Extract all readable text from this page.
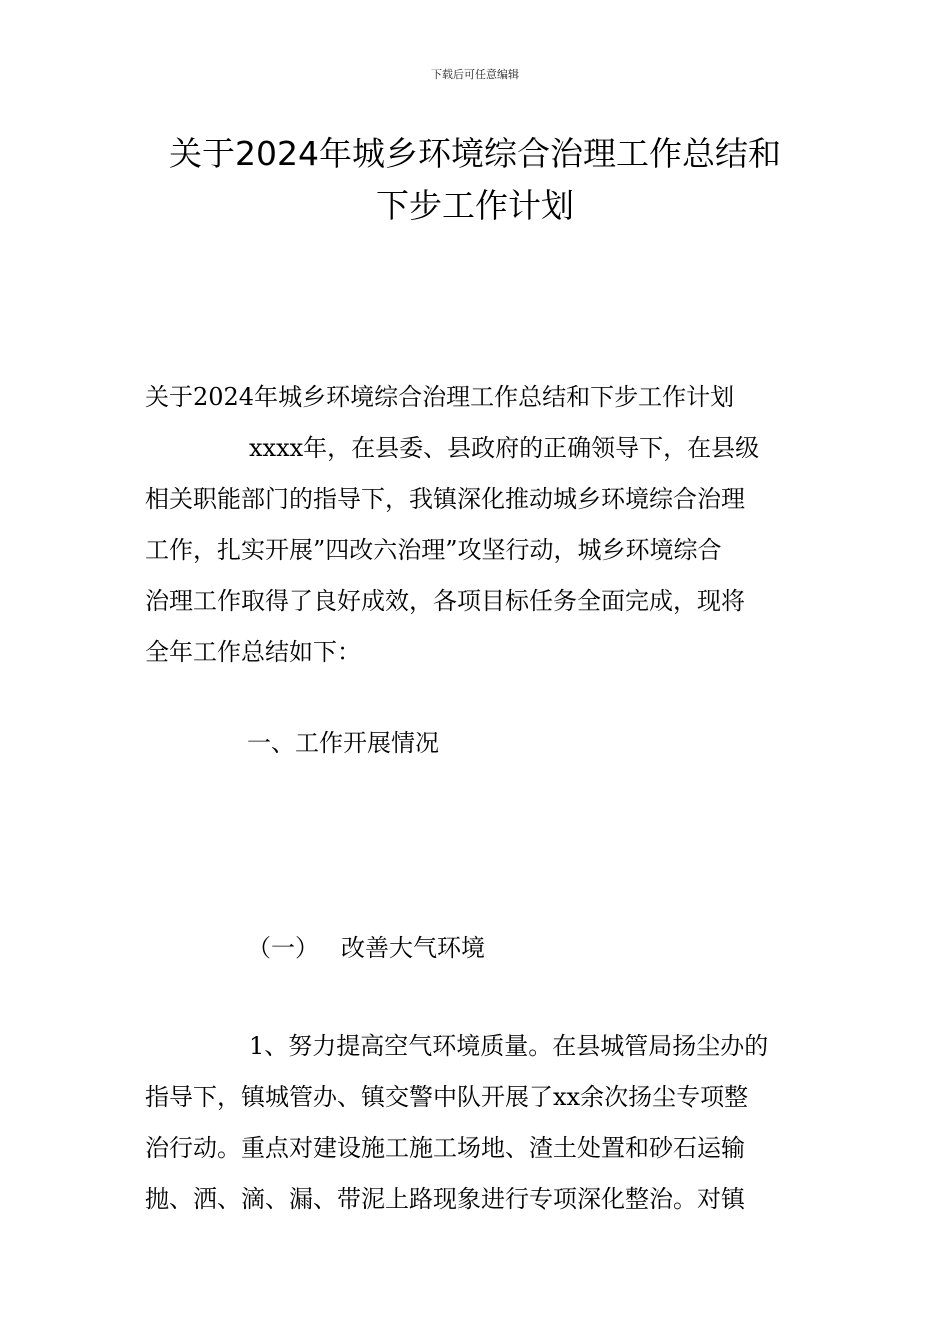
下载后可任意编辑
关于2024年城乡环境综合治理工作总结和
下步工作计划
关于2024年城乡环境综合治理工作总结和下步工作计划
xxxx年，在县委、县政府的正确领导下，在县级
相关职能部门的指导下，我镇深化推动城乡环境综合治理
工作，扎实开展”四改六治理”攻坚行动，城乡环境综合
治理工作取得了良好成效，各项目标任务全面完成，现将
全年工作总结如下：
一、工作开展情况
（一） 改善大气环境
1、努力提高空气环境质量。在县城管局扬尘办的
指导下，镇城管办、镇交警中队开展了xx余次扬尘专项整
治行动。重点对建设施工施工场地、渣土处置和砂石运输
抛、洒、滴、漏、带泥上路现象进行专项深化整治。对镇
